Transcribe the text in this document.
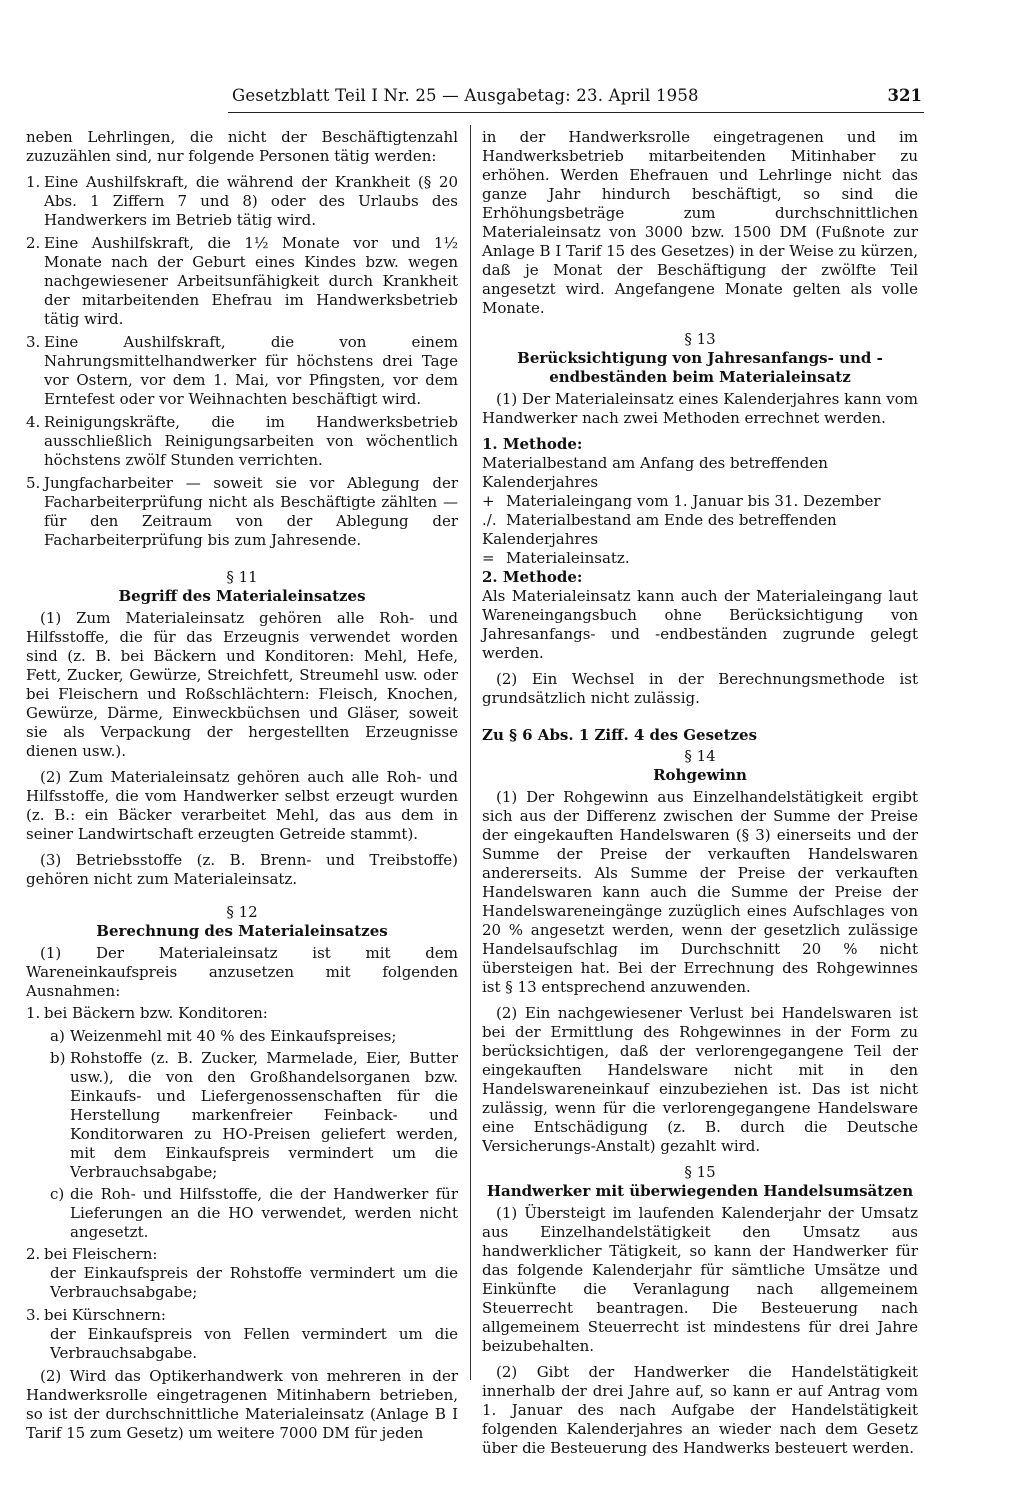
Gesetzblatt Teil I Nr. 25 — Ausgabetag: 23. April 1958	321

neben Lehrlingen, die nicht der Beschäftigtenzahl zuzuzählen sind, nur folgende Personen tätig werden:

1. Eine Aushilfskraft, die während der Krankheit (§ 20 Abs. 1 Ziffern 7 und 8) oder des Urlaubs des Handwerkers im Betrieb tätig wird.
2. Eine Aushilfskraft, die 1½ Monate vor und 1½ Monate nach der Geburt eines Kindes bzw. wegen nachgewiesener Arbeitsunfähigkeit durch Krankheit der mitarbeitenden Ehefrau im Handwerksbetrieb tätig wird.
3. Eine Aushilfskraft, die von einem Nahrungsmittelhandwerker für höchstens drei Tage vor Ostern, vor dem 1. Mai, vor Pfingsten, vor dem Erntefest oder vor Weihnachten beschäftigt wird.
4. Reinigungskräfte, die im Handwerksbetrieb ausschließlich Reinigungsarbeiten von wöchentlich höchstens zwölf Stunden verrichten.
5. Jungfacharbeiter — soweit sie vor Ablegung der Facharbeiterprüfung nicht als Beschäftigte zählten — für den Zeitraum von der Ablegung der Facharbeiterprüfung bis zum Jahresende.
§ 11
Begriff des Materialeinsatzes

(1) Zum Materialeinsatz gehören alle Roh- und Hilfsstoffe, die für das Erzeugnis verwendet worden sind (z. B. bei Bäckern und Konditoren: Mehl, Hefe, Fett, Zucker, Gewürze, Streichfett, Streumehl usw. oder bei Fleischern und Roßschlächtern: Fleisch, Knochen, Gewürze, Därme, Einweckbüchsen und Gläser, soweit sie als Verpackung der hergestellten Erzeugnisse dienen usw.).

(2) Zum Materialeinsatz gehören auch alle Roh- und Hilfsstoffe, die vom Handwerker selbst erzeugt wurden (z. B.: ein Bäcker verarbeitet Mehl, das aus dem in seiner Landwirtschaft erzeugten Getreide stammt).

(3) Betriebsstoffe (z. B. Brenn- und Treibstoffe) gehören nicht zum Materialeinsatz.

§ 12
Berechnung des Materialeinsatzes

(1) Der Materialeinsatz ist mit dem Wareneinkaufspreis anzusetzen mit folgenden Ausnahmen:

1. bei Bäckern bzw. Konditoren:
a) Weizenmehl mit 40 % des Einkaufspreises;
b) Rohstoffe (z. B. Zucker, Marmelade, Eier, Butter usw.), die von den Großhandelsorganen bzw. Einkaufs- und Liefergenossenschaften für die Herstellung markenfreier Feinback- und Konditorwaren zu HO-Preisen geliefert werden, mit dem Einkaufspreis vermindert um die Verbrauchsabgabe;
c) die Roh- und Hilfsstoffe, die der Handwerker für Lieferungen an die HO verwendet, werden nicht angesetzt.
2. bei Fleischern:
der Einkaufspreis der Rohstoffe vermindert um die Verbrauchsabgabe;
3. bei Kürschnern:
der Einkaufspreis von Fellen vermindert um die Verbrauchsabgabe.

(2) Wird das Optikerhandwerk von mehreren in der Handwerksrolle eingetragenen Mitinhabern betrieben, so ist der durchschnittliche Materialeinsatz (Anlage B I Tarif 15 zum Gesetz) um weitere 7000 DM für jeden

in der Handwerksrolle eingetragenen und im Handwerksbetrieb mitarbeitenden Mitinhaber zu erhöhen. Werden Ehefrauen und Lehrlinge nicht das ganze Jahr hindurch beschäftigt, so sind die Erhöhungsbeträge zum durchschnittlichen Materialeinsatz von 3000 bzw. 1500 DM (Fußnote zur Anlage B I Tarif 15 des Gesetzes) in der Weise zu kürzen, daß je Monat der Beschäftigung der zwölfte Teil angesetzt wird. Angefangene Monate gelten als volle Monate.

§ 13
Berücksichtigung von Jahresanfangs- und -endbeständen beim Materialeinsatz

(1) Der Materialeinsatz eines Kalenderjahres kann vom Handwerker nach zwei Methoden errechnet werden.

1. Methode:
Materialbestand am Anfang des betreffenden Kalenderjahres
+ Materialeingang vom 1. Januar bis 31. Dezember
./. Materialbestand am Ende des betreffenden Kalenderjahres
= Materialeinsatz.
2. Methode:

Als Materialeinsatz kann auch der Materialeingang laut Wareneingangsbuch ohne Berücksichtigung von Jahresanfangs- und -endbeständen zugrunde gelegt werden.

(2) Ein Wechsel in der Berechnungsmethode ist grundsätzlich nicht zulässig.

Zu § 6 Abs. 1 Ziff. 4 des Gesetzes
§ 14
Rohgewinn

(1) Der Rohgewinn aus Einzelhandelstätigkeit ergibt sich aus der Differenz zwischen der Summe der Preise der eingekauften Handelswaren (§ 3) einerseits und der Summe der Preise der verkauften Handelswaren andererseits. Als Summe der Preise der verkauften Handelswaren kann auch die Summe der Preise der Handelswareneingänge zuzüglich eines Aufschlages von 20 % angesetzt werden, wenn der gesetzlich zulässige Handelsaufschlag im Durchschnitt 20 % nicht übersteigen hat. Bei der Errechnung des Rohgewinnes ist § 13 entsprechend anzuwenden.

(2) Ein nachgewiesener Verlust bei Handelswaren ist bei der Ermittlung des Rohgewinnes in der Form zu berücksichtigen, daß der verlorengegangene Teil der eingekauften Handelsware nicht mit in den Handelswareneinkauf einzubeziehen ist. Das ist nicht zulässig, wenn für die verlorengegangene Handelsware eine Entschädigung (z. B. durch die Deutsche Versicherungs-Anstalt) gezahlt wird.

§ 15
Handwerker mit überwiegenden Handelsumsätzen

(1) Übersteigt im laufenden Kalenderjahr der Umsatz aus Einzelhandelstätigkeit den Umsatz aus handwerklicher Tätigkeit, so kann der Handwerker für das folgende Kalenderjahr für sämtliche Umsätze und Einkünfte die Veranlagung nach allgemeinem Steuerrecht beantragen. Die Besteuerung nach allgemeinem Steuerrecht ist mindestens für drei Jahre beizubehalten.

(2) Gibt der Handwerker die Handelstätigkeit innerhalb der drei Jahre auf, so kann er auf Antrag vom 1. Januar des nach Aufgabe der Handelstätigkeit folgenden Kalenderjahres an wieder nach dem Gesetz über die Besteuerung des Handwerks besteuert werden.
